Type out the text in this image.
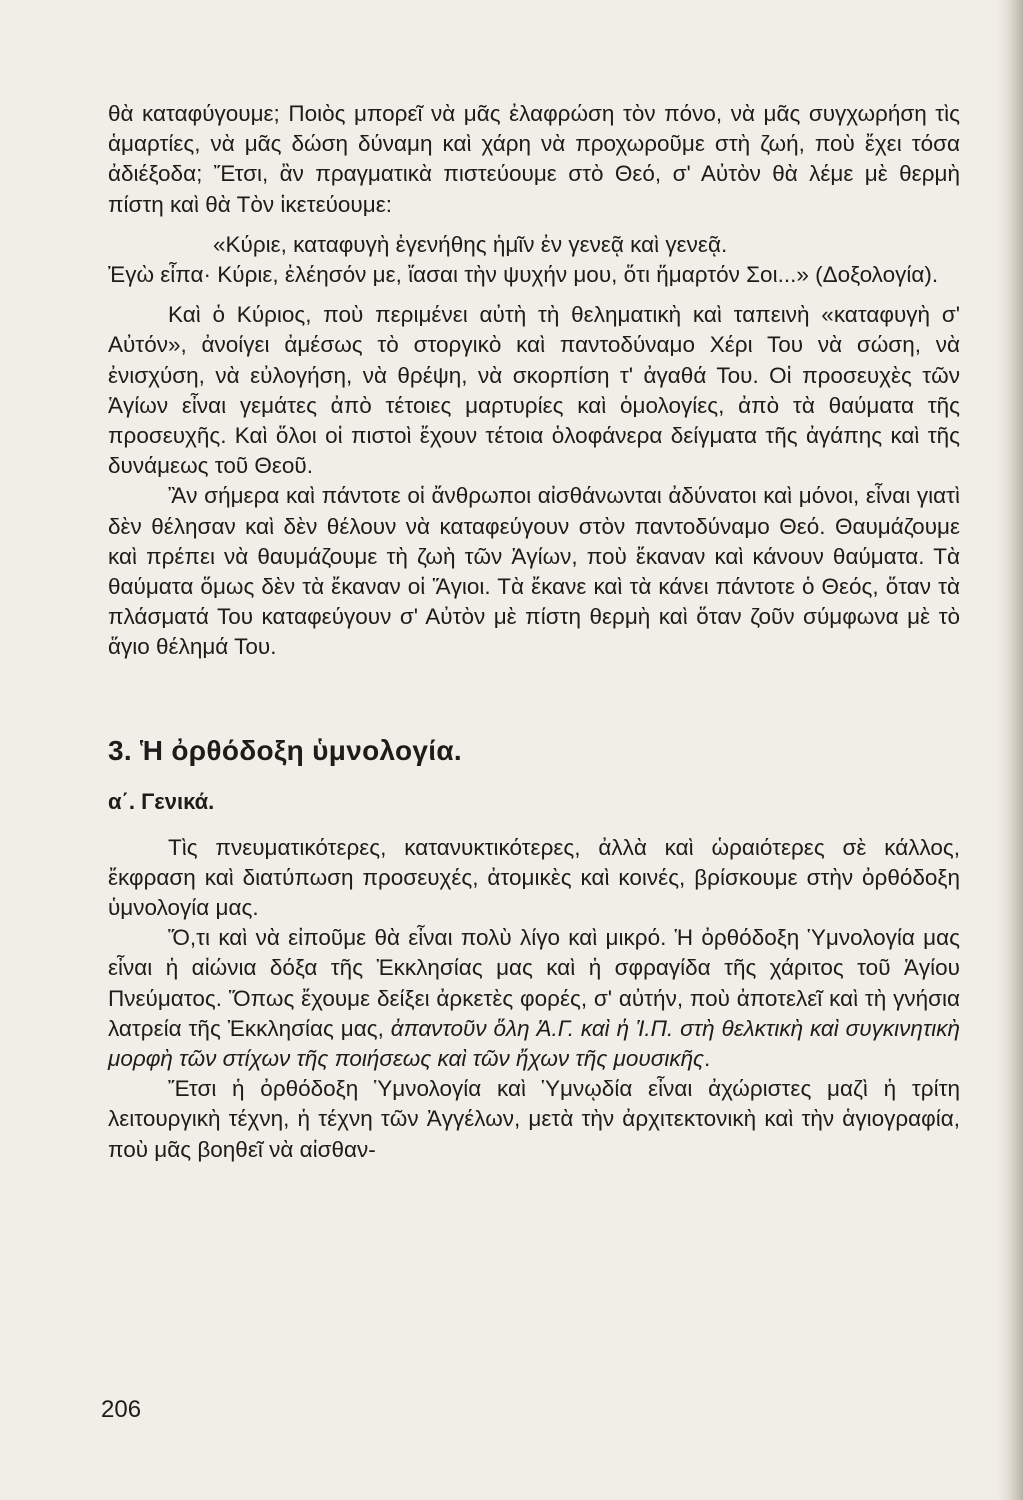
θὰ καταφύγουμε; Ποιὸς μπορεῖ νὰ μᾶς ἐλαφρώση τὸν πόνο, νὰ μᾶς συγχωρήση τὶς ἁμαρτίες, νὰ μᾶς δώση δύναμη καὶ χάρη νὰ προχωροῦμε στὴ ζωή, ποὺ ἔχει τόσα ἀδιέξοδα; Ἔτσι, ἂν πραγματικὰ πιστεύουμε στὸ Θεό, σ' Αὐτὸν θὰ λέμε μὲ θερμὴ πίστη καὶ θὰ Τὸν ἱκετεύουμε:

«Κύριε, καταφυγὴ ἐγενήθης ἡμῖν ἐν γενεᾷ καὶ γενεᾷ.

Ἐγὼ εἶπα· Κύριε, ἐλέησόν με, ἴασαι τὴν ψυχήν μου, ὅτι ἥμαρτόν Σοι...» (Δοξολογία).

Καὶ ὁ Κύριος, ποὺ περιμένει αὐτὴ τὴ θεληματικὴ καὶ ταπεινὴ «καταφυγὴ σ' Αὐτόν», ἀνοίγει ἀμέσως τὸ στοργικὸ καὶ παντοδύναμο Χέρι Του νὰ σώση, νὰ ἐνισχύση, νὰ εὐλογήση, νὰ θρέψη, νὰ σκορπίση τ' ἀγαθά Του. Οἱ προσευχὲς τῶν Ἁγίων εἶναι γεμάτες ἀπὸ τέτοιες μαρτυρίες καὶ ὁμολογίες, ἀπὸ τὰ θαύματα τῆς προσευχῆς. Καὶ ὅλοι οἱ πιστοὶ ἔχουν τέτοια ὁλοφάνερα δείγματα τῆς ἀγάπης καὶ τῆς δυνάμεως τοῦ Θεοῦ.

Ἂν σήμερα καὶ πάντοτε οἱ ἄνθρωποι αἰσθάνωνται ἀδύνατοι καὶ μόνοι, εἶναι γιατὶ δὲν θέλησαν καὶ δὲν θέλουν νὰ καταφεύγουν στὸν παντοδύναμο Θεό. Θαυμάζουμε καὶ πρέπει νὰ θαυμάζουμε τὴ ζωὴ τῶν Ἁγίων, ποὺ ἔκαναν καὶ κάνουν θαύματα. Τὰ θαύματα ὅμως δὲν τὰ ἔκαναν οἱ Ἅγιοι. Τὰ ἔκανε καὶ τὰ κάνει πάντοτε ὁ Θεός, ὅταν τὰ πλάσματά Του καταφεύγουν σ' Αὐτὸν μὲ πίστη θερμὴ καὶ ὅταν ζοῦν σύμφωνα μὲ τὸ ἅγιο θέλημά Του.

3. Ἡ ὀρθόδοξη ὑμνολογία.
α΄. Γενικά.

Τὶς πνευματικότερες, κατανυκτικότερες, ἀλλὰ καὶ ὡραιότερες σὲ κάλλος, ἔκφραση καὶ διατύπωση προσευχές, ἀτομικὲς καὶ κοινές, βρίσκουμε στὴν ὀρθόδοξη ὑμνολογία μας.

Ὅ,τι καὶ νὰ εἰποῦμε θὰ εἶναι πολὺ λίγο καὶ μικρό. Ἡ ὀρθόδοξη Ὑμνολογία μας εἶναι ἡ αἰώνια δόξα τῆς Ἐκκλησίας μας καὶ ἡ σφραγίδα τῆς χάριτος τοῦ Ἁγίου Πνεύματος. Ὅπως ἔχουμε δείξει ἀρκετὲς φορές, σ' αὐτήν, ποὺ ἀποτελεῖ καὶ τὴ γνήσια λατρεία τῆς Ἐκκλησίας μας, ἀπαντοῦν ὅλη Ἁ.Γ. καὶ ἡ Ἱ.Π. στὴ θελκτικὴ καὶ συγκινητικὴ μορφὴ τῶν στίχων τῆς ποιήσεως καὶ τῶν ἤχων τῆς μουσικῆς.

Ἔτσι ἡ ὀρθόδοξη Ὑμνολογία καὶ Ὑμνῳδία εἶναι ἀχώριστες μαζὶ ἡ τρίτη λειτουργικὴ τέχνη, ἡ τέχνη τῶν Ἀγγέλων, μετὰ τὴν ἀρχιτεκτονικὴ καὶ τὴν ἁγιογραφία, ποὺ μᾶς βοηθεῖ νὰ αἰσθαν-

206
